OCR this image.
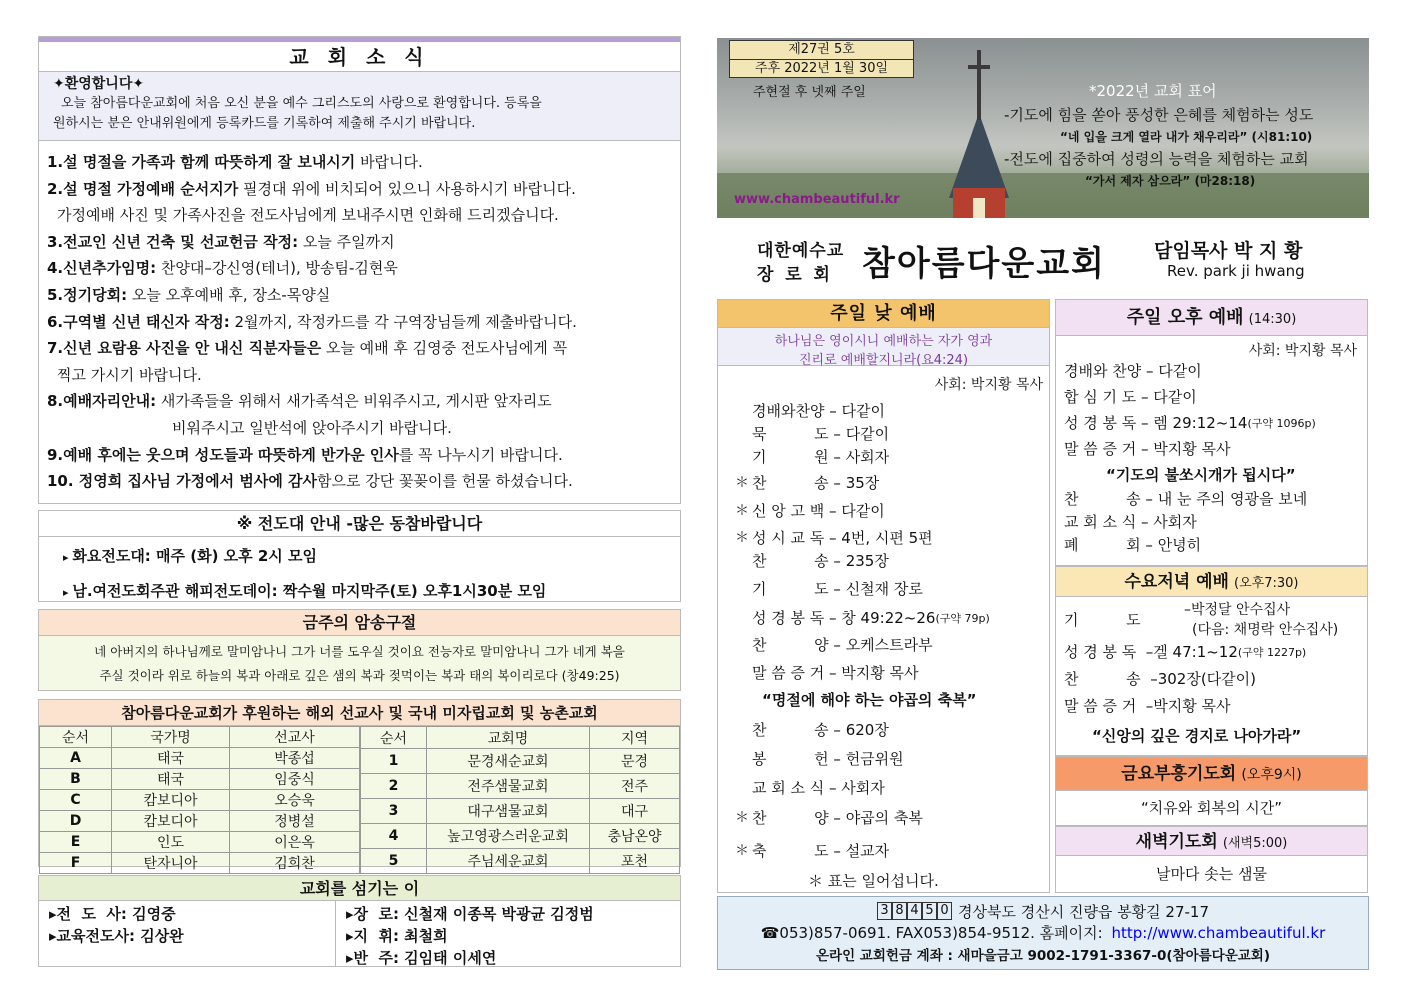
교 회 소 식
✦환영합니다✦
오늘 참아름다운교회에 처음 오신 분을 예수 그리스도의 사랑으로 환영합니다. 등록을
원하시는 분은 안내위원에게 등록카드를 기록하여 제출해 주시기 바랍니다.

1.설 명절을 가족과 함께 따뜻하게 잘 보내시기 바랍니다.

2.설 명절 가정예배 순서지가 필경대 위에 비치되어 있으니 사용하시기 바랍니다.

가정예배 사진 및 가족사진을 전도사님에게 보내주시면 인화해 드리겠습니다.

3.전교인 신년 건축 및 선교헌금 작정: 오늘 주일까지

4.신년추가임명: 찬양대–강신영(테너), 방송팀-김현욱

5.정기당회: 오늘 오후예배 후, 장소-목양실

6.구역별 신년 태신자 작정: 2월까지, 작정카드를 각 구역장님들께 제출바랍니다.

7.신년 요람용 사진을 안 내신 직분자들은 오늘 예배 후 김영중 전도사님에게 꼭

찍고 가시기 바랍니다.

8.예배자리안내: 새가족들을 위해서 새가족석은 비워주시고, 게시판 앞자리도

비워주시고 일반석에 앉아주시기 바랍니다.

9.예배 후에는 웃으며 성도들과 따뜻하게 반가운 인사를 꼭 나누시기 바랍니다.

10. 정영희 집사님 가정에서 범사에 감사함으로 강단 꽃꽂이를 헌물 하셨습니다.

※ 전도대 안내 -많은 동참바랍니다
▸ 화요전도대: 매주 (화) 오후 2시 모임
▸ 남.여전도회주관 해피전도데이: 짝수월 마지막주(토) 오후1시30분 모임
금주의 암송구절
네 아버지의 하나님께로 말미암나니 그가 너를 도우실 것이요 전능자로 말미암나니 그가 네게 복을
주실 것이라 위로 하늘의 복과 아래로 깊은 샘의 복과 젖먹이는 복과 태의 복이리로다 (창49:25)
참아름다운교회가 후원하는 해외 선교사 및 국내 미자립교회 및 농촌교회
순서	국가명	선교사
A	태국	박종섭
B	태국	임중식
C	캄보디아	오승욱
D	캄보디아	정병설
E	인도	이은옥
F	탄자니아	김희찬
순서	교회명	지역
1	문경새순교회	문경
2	전주샘물교회	전주
3	대구샘물교회	대구
4	높고영광스러운교회	충남온양
5	주님세운교회	포천
교회를 섬기는 이
▸전  도  사: 김영중
▸교육전도사: 김상완
▸장  로: 신철재 이종목 박광균 김정범
▸지  휘: 최철희
▸반  주: 김임태 이세연
제27권 5호
주후 2022년 1월 30일
주현절 후 넷째 주일	*2022년 교회 표어
-기도에 힘을 쏟아 풍성한 은혜를 체험하는 성도
“네 입을 크게 열라 내가 채우리라” (시81:10)
-전도에 집중하여 성령의 능력을 체험하는 교회
“가서 제자 삼으라” (마28:18)
www.chambeautiful.kr
대한예수교
장  로  회 참아름다운교회	담임목사 박 지 황
Rev. park ji hwang
주일 낮 예배
하나님은 영이시니 예배하는 자가 영과
진리로 예배할지니라(요4:24)
사회: 박지황 목사
경배와찬양 – 다같이
묵          도 – 다같이
기          원 – 사회자
＊ 찬          송 – 35장
＊ 신 앙 고 백 – 다같이
＊ 성 시 교 독 – 4번, 시편 5편
찬          송 – 235장
기          도 – 신철재 장로
성 경 봉 독 – 창 49:22~26 (구약 79p)
찬          양 – 오케스트라부
말 씀 증 거 – 박지황 목사
“명절에 해야 하는 야곱의 축복”
찬          송 – 620장
봉          헌 – 헌금위원
교 회 소 식 – 사회자
＊ 찬          양 – 야곱의 축복
＊ 축          도 – 설교자
＊ 표는 일어섭니다.
주일 오후 예배 (14:30)
사회: 박지황 목사
경배와 찬양 – 다같이
합 심 기 도 – 다같이
성 경 봉 독 – 렘 29:12~14 (구약 1096p)
말 씀 증 거 – 박지황 목사
“기도의 불쏘시개가 됩시다”
찬          송 – 내 눈 주의 영광을 보네
교 회 소 식 – 사회자
폐          회 – 안녕히
수요저녁 예배 (오후7:30)
기          도
–박정달 안수집사
(다음: 채명락 안수집사)
성 경 봉 독  –겔 47:1~12 (구약 1227p)
찬          송  –302장(다같이)
말 씀 증 거  –박지황 목사
“신앙의 깊은 경지로 나아가라”
금요부흥기도회 (오후9시)
“치유와 회복의 시간”
새벽기도회 (새벽5:00)
날마다 솟는 샘물
3 8 4 5 0 경상북도 경산시 진량읍 봉황길 27-17
☎053)857-0691. FAX053)854-9512. 홈페이지: http://www.chambeautiful.kr
온라인 교회헌금 계좌 : 새마을금고 9002-1791-3367-0(참아름다운교회)
